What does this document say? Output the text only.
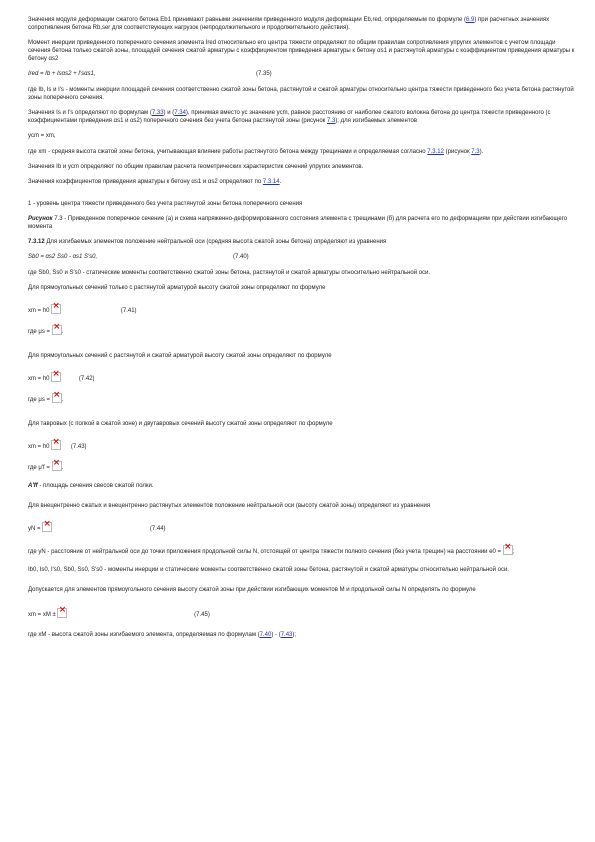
Значения модуля деформации сжатого бетона Eb1 принимают равными значениям приведенного модуля деформации Eb,red, определяемым по формуле (6.9) при расчетных значениях сопротивления бетона Rb,ser для соответствующих нагрузок (непродолжительного и продолжительного действия).

Момент инерции приведенного поперечного сечения элемента Ired относительно его центра тяжести определяют по общим правилам сопротивления упругих элементов с учетом площади сечения бетона только сжатой зоны, площадей сечения сжатой арматуры с коэффициентом приведения арматуры к бетону αs1 и растянутой арматуры с коэффициентом приведения арматуры к бетону αs2

Ired = Ib + Isαs2 + I′sαs1,	(7.35)

где Ib, Is и I′s - моменты инерции площадей сечения соответственно сжатой зоны бетона, растянутой и сжатой арматуры относительно центра тяжести приведенного без учета бетона растянутой зоны поперечного сечения.

Значения Is и I′s определяют по формулам (7.33) и (7.34), принимая вместо yc значение ycm, равное расстоянию от наиболее сжатого волокна бетона до центра тяжести приведенного (с коэффициентами приведения αs1 и αs2) поперечного сечения без учета бетона растянутой зоны (рисунок 7.3); для изгибаемых элементов

ycm = xm,

где xm - средняя высота сжатой зоны бетона, учитывающая влияние работы растянутого бетона между трещинами и определяемая согласно 7.3.12 (рисунок 7.3).

Значения Ib и ycm определяют по общим правилам расчета геометрических характеристик сечений упругих элементов.

Значения коэффициентов приведения арматуры к бетону αs1 и αs2 определяют по 7.3.14.

1 - уровень центра тяжести приведенного без учета растянутой зоны бетона поперечного сечения

Рисунок 7.3 - Приведенное поперечное сечение (а) и схема напряженно-деформированного состояния элемента с трещинами (б) для расчета его по деформациям при действии изгибающего момента

7.3.12 Для изгибаемых элементов положение нейтральной оси (средняя высота сжатой зоны бетона) определяют из уравнения

Sb0 = αs2 Ss0 - αs1 S′s0,	(7.40)

где Sb0, Ss0 и S′s0 - статические моменты соответственно сжатой зоны бетона, растянутой и сжатой арматуры относительно нейтральной оси.

Для прямоугольных сечений только с растянутой арматурой высоту сжатой зоны определяют по формуле

xm = h0 ×	(7.41)

где μs = × .

Для прямоугольных сечений с растянутой и сжатой арматурой высоту сжатой зоны определяют по формуле

xm = h0 ×	(7.42)

где μs = × .

Для тавровых (с полкой в сжатой зоне) и двутавровых сечений высоту сжатой зоны определяют по формуле

xm = h0 ×	(7.43)

где μ′f = × .

A′ff - площадь сечения свесов сжатой полки.

Для внецентренно сжатых и внецентренно растянутых элементов положение нейтральной оси (высоту сжатой зоны) определяют из уравнения

yN = ×	(7.44)

где yN - расстояние от нейтральной оси до точки приложения продольной силы N, отстоящей от центра тяжести полного сечения (без учета трещин) на расстоянии e0 = × ;

Ib0, Is0, I′s0, Sb0, Ss0, S′s0 - моменты инерции и статические моменты соответственно сжатой зоны бетона, растянутой и сжатой арматуры относительно нейтральной оси.

Допускается для элементов прямоугольного сечения высоту сжатой зоны при действии изгибающих моментов M и продольной силы N определять по формуле

xm = xM ± ×	(7.45)

где xM - высота сжатой зоны изгибаемого элемента, определяемая по формулам (7.40) - (7.43);
